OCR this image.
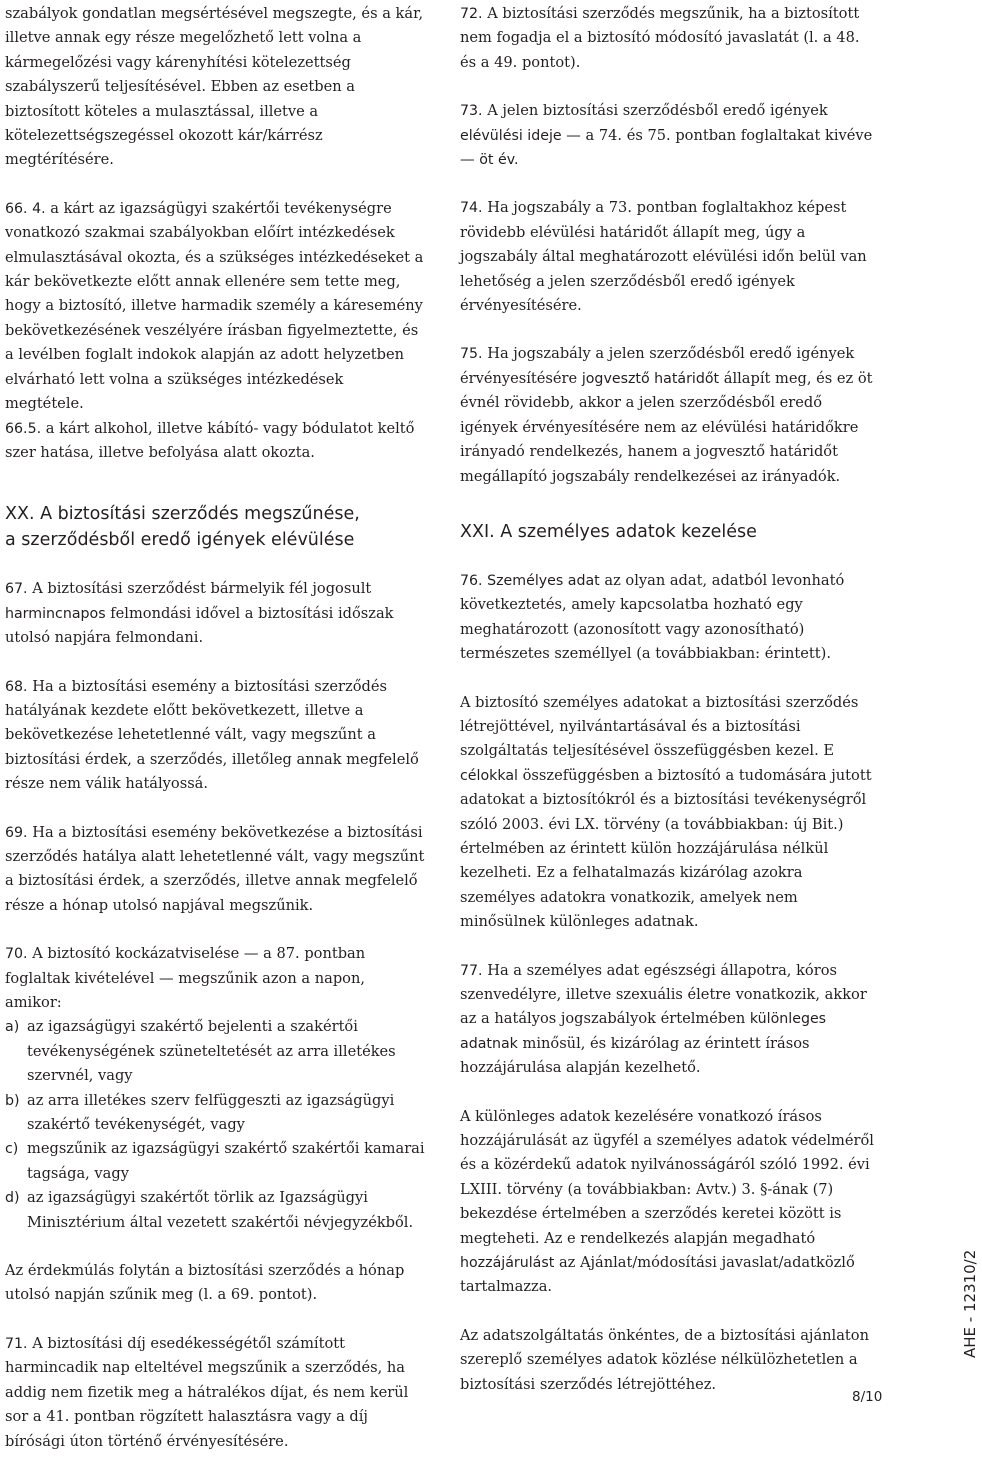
szabályok gondatlan megsértésével megszegte, és a kár, illetve annak egy része megelőzhető lett volna a kármegelőzési vagy kárenyhítési kötelezettség szabályszerű teljesítésével. Ebben az esetben a biztosított köteles a mulasztással, illetve a kötelezettségszegéssel okozott kár/kárrész megtérítésére.

66. 4. a kárt az igazságügyi szakértői tevékenységre vonatkozó szakmai szabályokban előírt intézkedések elmulasztásával okozta, és a szükséges intézkedéseket a kár bekövetkezte előtt annak ellenére sem tette meg, hogy a biztosító, illetve harmadik személy a káresemény bekövetkezésének veszélyére írásban figyelmeztette, és a levélben foglalt indokok alapján az adott helyzetben elvárható lett volna a szükséges intézkedések megtétele.

66.5. a kárt alkohol, illetve kábító- vagy bódulatot keltő szer hatása, illetve befolyása alatt okozta.

XX. A biztosítási szerződés megszűnése,
a szerződésből eredő igények elévülése

67. A biztosítási szerződést bármelyik fél jogosult harmincnapos felmondási idővel a biztosítási időszak utolsó napjára felmondani.

68. Ha a biztosítási esemény a biztosítási szerződés hatályának kezdete előtt bekövetkezett, illetve a bekövetkezése lehetetlenné vált, vagy megszűnt a biztosítási érdek, a szerződés, illetőleg annak megfelelő része nem válik hatályossá.

69. Ha a biztosítási esemény bekövetkezése a biztosítási szerződés hatálya alatt lehetetlenné vált, vagy megszűnt a biztosítási érdek, a szerződés, illetve annak megfelelő része a hónap utolsó napjával megszűnik.

70. A biztosító kockázatviselése — a 87. pontban foglaltak kivételével — megszűnik azon a napon, amikor:

a) az igazságügyi szakértő bejelenti a szakértői tevékenységének szüneteltetését az arra illetékes szervnél, vagy
b) az arra illetékes szerv felfüggeszti az igazságügyi szakértő tevékenységét, vagy
c) megszűnik az igazságügyi szakértő szakértői kamarai tagsága, vagy
d) az igazságügyi szakértőt törlik az Igazságügyi Minisztérium által vezetett szakértői névjegyzékből.

Az érdekmúlás folytán a biztosítási szerződés a hónap utolsó napján szűnik meg (l. a 69. pontot).

71. A biztosítási díj esedékességétől számított harmincadik nap elteltével megszűnik a szerződés, ha addig nem fizetik meg a hátralékos díjat, és nem kerül sor a 41. pontban rögzített halasztásra vagy a díj bírósági úton történő érvényesítésére.

72. A biztosítási szerződés megszűnik, ha a biztosított nem fogadja el a biztosító módosító javaslatát (l. a 48. és a 49. pontot).

73. A jelen biztosítási szerződésből eredő igények elévülési ideje — a 74. és 75. pontban foglaltakat kivéve — öt év.

74. Ha jogszabály a 73. pontban foglaltakhoz képest rövidebb elévülési határidőt állapít meg, úgy a jogszabály által meghatározott elévülési időn belül van lehetőség a jelen szerződésből eredő igények érvényesítésére.

75. Ha jogszabály a jelen szerződésből eredő igények érvényesítésére jogvesztő határidőt állapít meg, és ez öt évnél rövidebb, akkor a jelen szerződésből eredő igények érvényesítésére nem az elévülési határidőkre irányadó rendelkezés, hanem a jogvesztő határidőt megállapító jogszabály rendelkezései az irányadók.

XXI. A személyes adatok kezelése

76. Személyes adat az olyan adat, adatból levonható következtetés, amely kapcsolatba hozható egy meghatározott (azonosított vagy azonosítható) természetes személlyel (a továbbiakban: érintett).

A biztosító személyes adatokat a biztosítási szerződés létrejöttével, nyilvántartásával és a biztosítási szolgáltatás teljesítésével összefüggésben kezel. E célokkal összefüggésben a biztosító a tudomására jutott adatokat a biztosítókról és a biztosítási tevékenységről szóló 2003. évi LX. törvény (a továbbiakban: új Bit.) értelmében az érintett külön hozzájárulása nélkül kezelheti. Ez a felhatalmazás kizárólag azokra személyes adatokra vonatkozik, amelyek nem minősülnek különleges adatnak.

77. Ha a személyes adat egészségi állapotra, kóros szenvedélyre, illetve szexuális életre vonatkozik, akkor az a hatályos jogszabályok értelmében különleges adatnak minősül, és kizárólag az érintett írásos hozzájárulása alapján kezelhető.

A különleges adatok kezelésére vonatkozó írásos hozzájárulását az ügyfél a személyes adatok védelméről és a közérdekű adatok nyilvánosságáról szóló 1992. évi LXIII. törvény (a továbbiakban: Avtv.) 3. §-ának (7) bekezdése értelmében a szerződés keretei között is megteheti. Az e rendelkezés alapján megadható hozzájárulást az Ajánlat/módosítási javaslat/adatközlő tartalmazza.

Az adatszolgáltatás önkéntes, de a biztosítási ajánlaton szereplő személyes adatok közlése nélkülözhetetlen a biztosítási szerződés létrejöttéhez.

AHE - 12310/2
8/10
